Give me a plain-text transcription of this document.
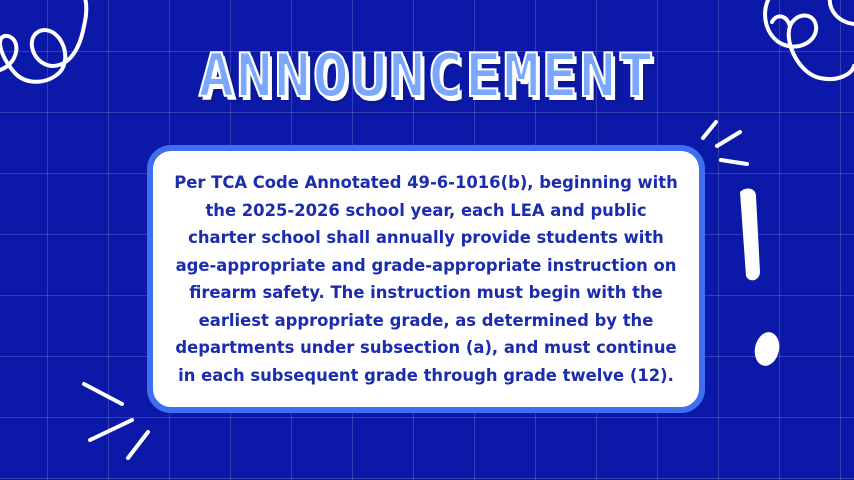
ANNOUNCEMENT

Per TCA Code Annotated 49-6-1016(b), beginning with the 2025-2026 school year, each LEA and public charter school shall annually provide students with age-appropriate and grade-appropriate instruction on firearm safety. The instruction must begin with the earliest appropriate grade, as determined by the departments under subsection (a), and must continue in each subsequent grade through grade twelve (12).
